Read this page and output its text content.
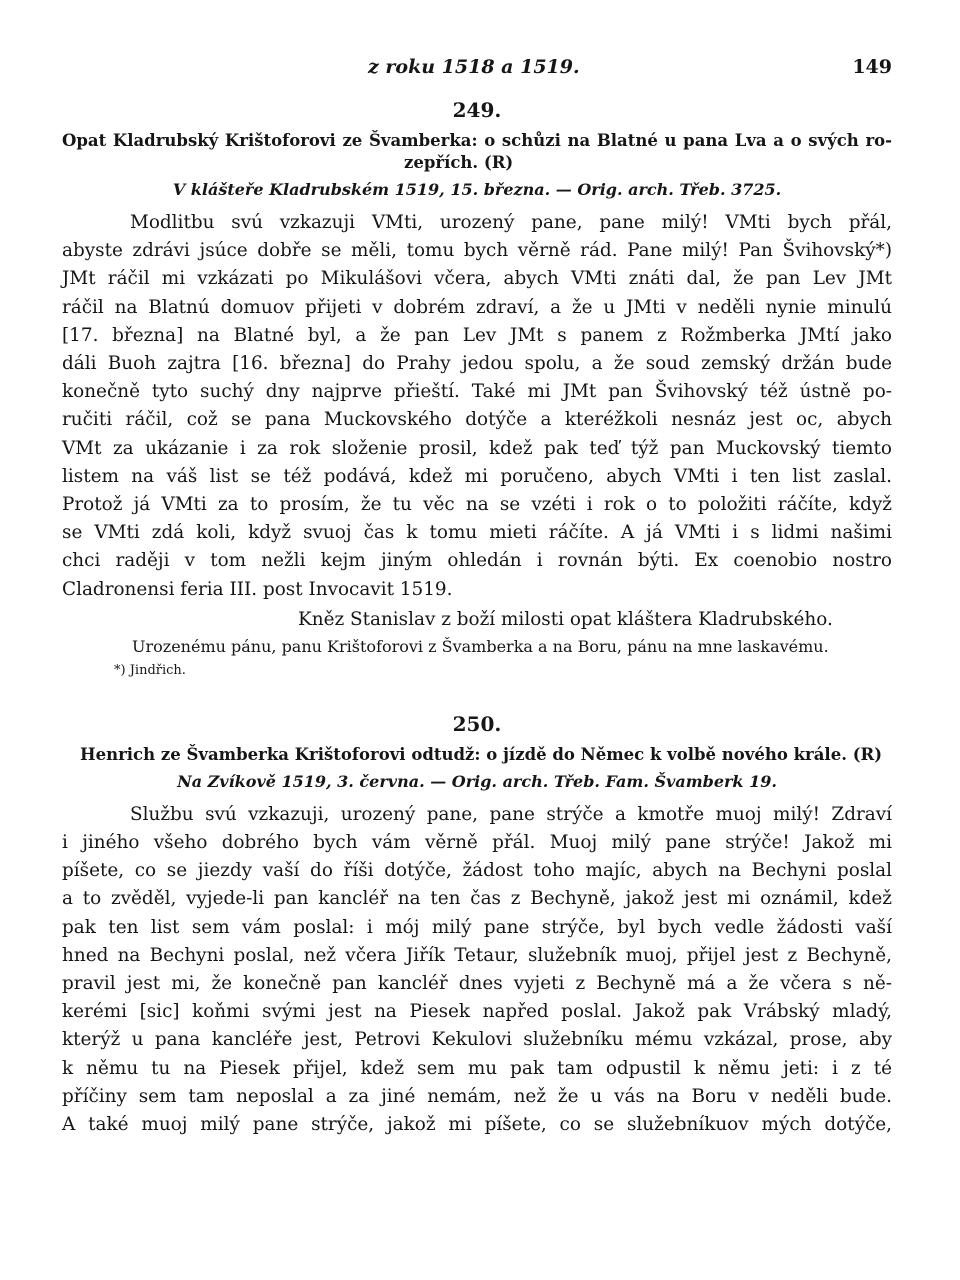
z roku 1518 a 1519.	149
249.
Opat Kladrubský Krištoforovi ze Švamberka: o schůzi na Blatné u pana Lva a o svých ro-
zepřích. (R)
V klášteře Kladrubském 1519, 15. března. — Orig. arch. Třeb. 3725.
Modlitbu svú vzkazuji VMti, urozený pane, pane milý! VMti bych přál,
abyste zdrávi jsúce dobře se měli, tomu bych věrně rád. Pane milý! Pan Švihovský*)
JMt ráčil mi vzkázati po Mikulášovi včera, abych VMti znáti dal, že pan Lev JMt
ráčil na Blatnú domuov přijeti v dobrém zdraví, a že u JMti v neděli nynie minulú
[17. března] na Blatné byl, a že pan Lev JMt s panem z Rožmberka JMtí jako
dáli Buoh zajtra [16. března] do Prahy jedou spolu, a že soud zemský držán bude
konečně tyto suchý dny najprve přieští. Také mi JMt pan Švihovský též ústně po-
ručiti ráčil, což se pana Muckovského dotýče a kteréžkoli nesnáz jest oc, abych
VMt za ukázanie i za rok složenie prosil, kdež pak teď týž pan Muckovský tiemto
listem na váš list se též podává, kdež mi poručeno, abych VMti i ten list zaslal.
Protož já VMti za to prosím, že tu věc na se vzéti i rok o to položiti ráčíte, když
se VMti zdá koli, když svuoj čas k tomu mieti ráčíte. A já VMti i s lidmi našimi
chci raději v tom nežli kejm jiným ohledán i rovnán býti. Ex coenobio nostro
Cladronensi feria III. post Invocavit 1519.
Kněz Stanislav z boží milosti opat kláštera Kladrubského.
Urozenému pánu, panu Krištoforovi z Švamberka a na Boru, pánu na mne laskavému.
*) Jindřich.
250.
Henrich ze Švamberka Krištoforovi odtudž: o jízdě do Němec k volbě nového krále. (R)
Na Zvíkově 1519, 3. června. — Orig. arch. Třeb. Fam. Švamberk 19.
Službu svú vzkazuji, urozený pane, pane strýče a kmotře muoj milý! Zdraví
i jiného všeho dobrého bych vám věrně přál. Muoj milý pane strýče! Jakož mi
píšete, co se jiezdy vaší do říši dotýče, žádost toho majíc, abych na Bechyni poslal
a to zvěděl, vyjede-li pan kancléř na ten čas z Bechyně, jakož jest mi oznámil, kdež
pak ten list sem vám poslal: i mój milý pane strýče, byl bych vedle žádosti vaší
hned na Bechyni poslal, než včera Jiřík Tetaur, služebník muoj, přijel jest z Bechyně,
pravil jest mi, že konečně pan kancléř dnes vyjeti z Bechyně má a že včera s ně-
kerémi [sic] koňmi svými jest na Piesek napřed poslal. Jakož pak Vrábský mladý,
kterýž u pana kancléře jest, Petrovi Kekulovi služebníku mému vzkázal, prose, aby
k němu tu na Piesek přijel, kdež sem mu pak tam odpustil k němu jeti: i z té
příčiny sem tam neposlal a za jiné nemám, než že u vás na Boru v neděli bude.
A také muoj milý pane strýče, jakož mi píšete, co se služebníkuov mých dotýče,
